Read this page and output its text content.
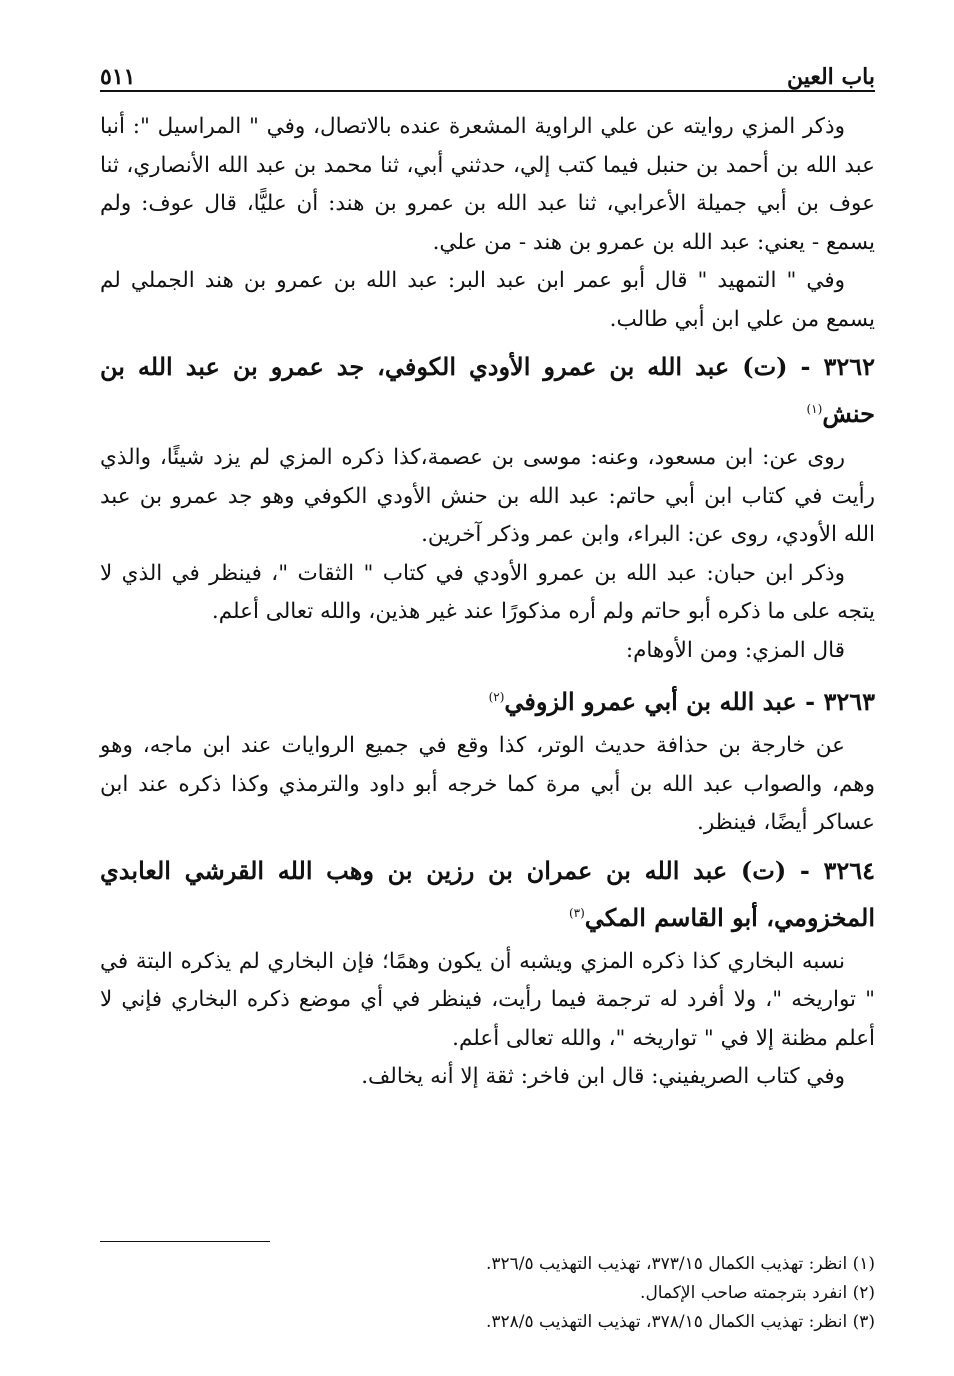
باب العين
٥١١

وذكر المزي روايته عن علي الراوية المشعرة عنده بالاتصال، وفي " المراسيل ": أنبا عبد الله بن أحمد بن حنبل فيما كتب إلي، حدثني أبي، ثنا محمد بن عبد الله الأنصاري، ثنا عوف بن أبي جميلة الأعرابي، ثنا عبد الله بن عمرو بن هند: أن عليًّا، قال عوف: ولم يسمع - يعني: عبد الله بن عمرو بن هند - من علي.

وفي " التمهيد " قال أبو عمر ابن عبد البر: عبد الله بن عمرو بن هند الجملي لم يسمع من علي ابن أبي طالب.

٣٢٦٢ - (ت) عبد الله بن عمرو الأودي الكوفي، جد عمرو بن عبد الله بن حنش$^{(١)}$

روى عن: ابن مسعود، وعنه: موسى بن عصمة،كذا ذكره المزي لم يزد شيئًا، والذي رأيت في كتاب ابن أبي حاتم: عبد الله بن حنش الأودي الكوفي وهو جد عمرو بن عبد الله الأودي، روى عن: البراء، وابن عمر وذكر آخرين.

وذكر ابن حبان: عبد الله بن عمرو الأودي في كتاب " الثقات "، فينظر في الذي لا يتجه على ما ذكره أبو حاتم ولم أره مذكورًا عند غير هذين، والله تعالى أعلم.

قال المزي: ومن الأوهام:

٣٢٦٣ - عبد الله بن أبي عمرو الزوفي$^{(٢)}$

عن خارجة بن حذافة حديث الوتر، كذا وقع في جميع الروايات عند ابن ماجه، وهو وهم، والصواب عبد الله بن أبي مرة كما خرجه أبو داود والترمذي وكذا ذكره عند ابن عساكر أيضًا، فينظر.

٣٢٦٤ - (ت) عبد الله بن عمران بن رزين بن وهب الله القرشي العابدي المخزومي، أبو القاسم المكي$^{(٣)}$

نسبه البخاري كذا ذكره المزي ويشبه أن يكون وهمًا؛ فإن البخاري لم يذكره البتة في " تواريخه "، ولا أفرد له ترجمة فيما رأيت، فينظر في أي موضع ذكره البخاري فإني لا أعلم مظنة إلا في " تواريخه "، والله تعالى أعلم.

وفي كتاب الصريفيني: قال ابن فاخر: ثقة إلا أنه يخالف.

(١) انظر: تهذيب الكمال ٣٧٣/١٥، تهذيب التهذيب ٣٢٦/٥.

(٢) انفرد بترجمته صاحب الإكمال.

(٣) انظر: تهذيب الكمال ٣٧٨/١٥، تهذيب التهذيب ٣٢٨/٥.
